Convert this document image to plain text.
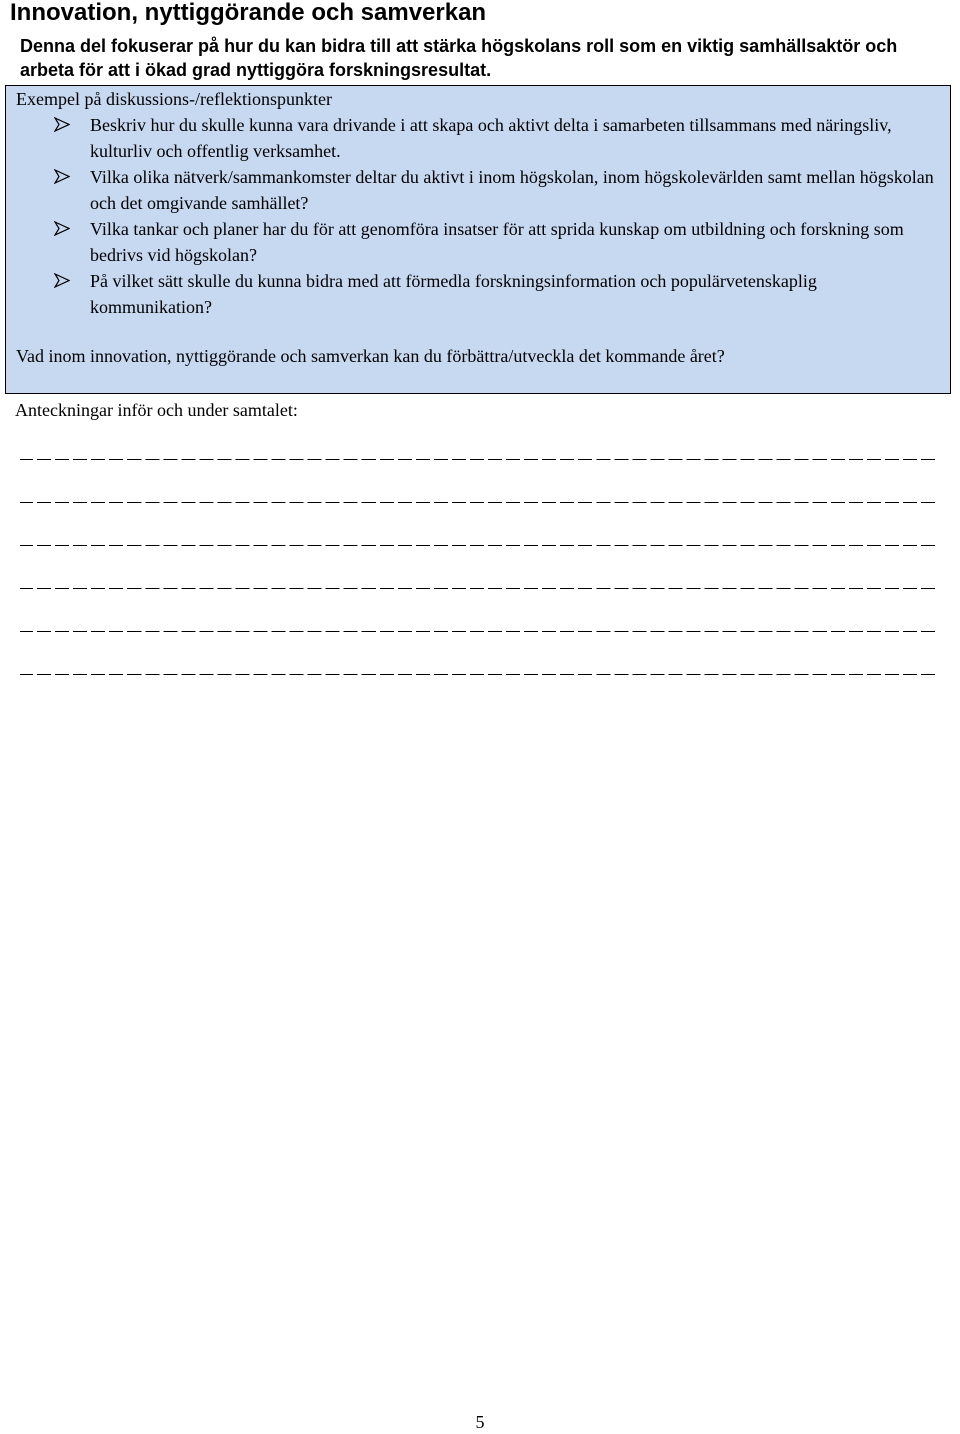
Innovation, nyttiggörande och samverkan
Denna del fokuserar på hur du kan bidra till att stärka högskolans roll som en viktig samhällsaktör och arbeta för att i ökad grad nyttiggöra forskningsresultat.
Exempel på diskussions-/reflektionspunkter
Beskriv hur du skulle kunna vara drivande i att skapa och aktivt delta i samarbeten tillsammans med näringsliv, kulturliv och offentlig verksamhet.
Vilka olika nätverk/sammankomster deltar du aktivt i inom högskolan, inom högskolevärlden samt mellan högskolan och det omgivande samhället?
Vilka tankar och planer har du för att genomföra insatser för att sprida kunskap om utbildning och forskning som bedrivs vid högskolan?
På vilket sätt skulle du kunna bidra med att förmedla forskningsinformation och populärvetenskaplig kommunikation?
Vad inom innovation, nyttiggörande och samverkan kan du förbättra/utveckla det kommande året?
Anteckningar inför och under samtalet:
5
